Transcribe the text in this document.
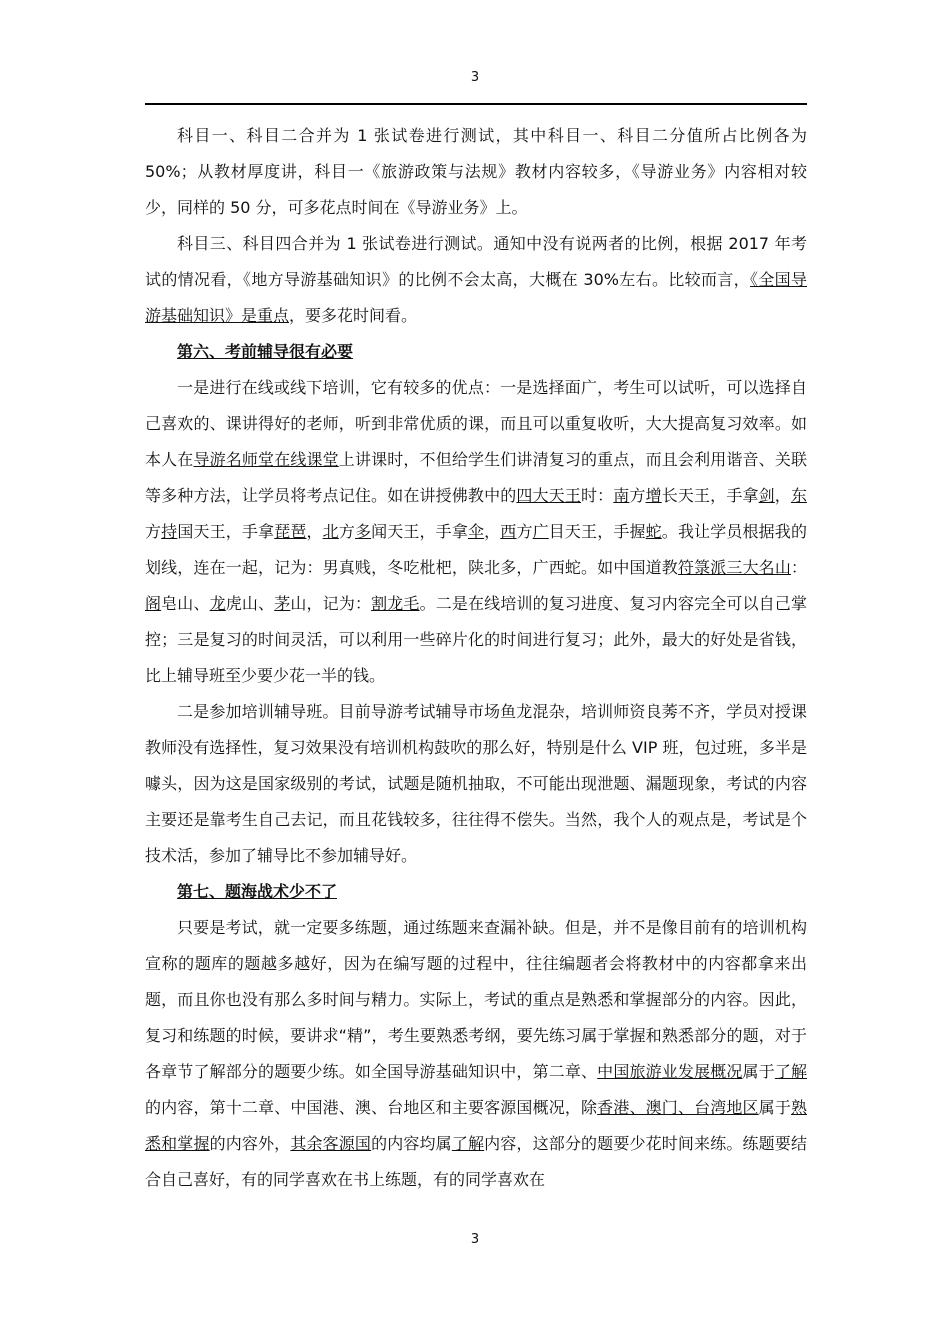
3

科目一、科目二合并为 1 张试卷进行测试，其中科目一、科目二分值所占比例各为 50%；从教材厚度讲，科目一《旅游政策与法规》教材内容较多，《导游业务》内容相对较少，同样的 50 分，可多花点时间在《导游业务》上。

科目三、科目四合并为 1 张试卷进行测试。通知中没有说两者的比例，根据 2017 年考试的情况看，《地方导游基础知识》的比例不会太高，大概在 30%左右。比较而言，《全国导游基础知识》是重点，要多花时间看。

第六、考前辅导很有必要

一是进行在线或线下培训，它有较多的优点：一是选择面广，考生可以试听，可以选择自己喜欢的、课讲得好的老师，听到非常优质的课，而且可以重复收听，大大提高复习效率。如本人在导游名师堂在线课堂上讲课时，不但给学生们讲清复习的重点，而且会利用谐音、关联等多种方法，让学员将考点记住。如在讲授佛教中的四大天王时：南方增长天王，手拿剑，东方持国天王，手拿琵琶，北方多闻天王，手拿伞，西方广目天王，手握蛇。我让学员根据我的划线，连在一起，记为：男真贱，冬吃枇杷，陕北多，广西蛇。如中国道教符箓派三大名山：阁皂山、龙虎山、茅山，记为：割龙毛。二是在线培训的复习进度、复习内容完全可以自己掌控；三是复习的时间灵活，可以利用一些碎片化的时间进行复习；此外，最大的好处是省钱，比上辅导班至少要少花一半的钱。

二是参加培训辅导班。目前导游考试辅导市场鱼龙混杂，培训师资良莠不齐，学员对授课教师没有选择性，复习效果没有培训机构鼓吹的那么好，特别是什么 VIP 班，包过班，多半是噱头，因为这是国家级别的考试，试题是随机抽取，不可能出现泄题、漏题现象，考试的内容主要还是靠考生自己去记，而且花钱较多，往往得不偿失。当然，我个人的观点是，考试是个技术活，参加了辅导比不参加辅导好。

第七、题海战术少不了

只要是考试，就一定要多练题，通过练题来查漏补缺。但是，并不是像目前有的培训机构宣称的题库的题越多越好，因为在编写题的过程中，往往编题者会将教材中的内容都拿来出题，而且你也没有那么多时间与精力。实际上，考试的重点是熟悉和掌握部分的内容。因此，复习和练题的时候，要讲求“精”，考生要熟悉考纲，要先练习属于掌握和熟悉部分的题，对于各章节了解部分的题要少练。如全国导游基础知识中，第二章、中国旅游业发展概况属于了解的内容，第十二章、中国港、澳、台地区和主要客源国概况，除香港、澳门、台湾地区属于熟悉和掌握的内容外，其余客源国的内容均属了解内容，这部分的题要少花时间来练。练题要结合自己喜好，有的同学喜欢在书上练题，有的同学喜欢在

3
